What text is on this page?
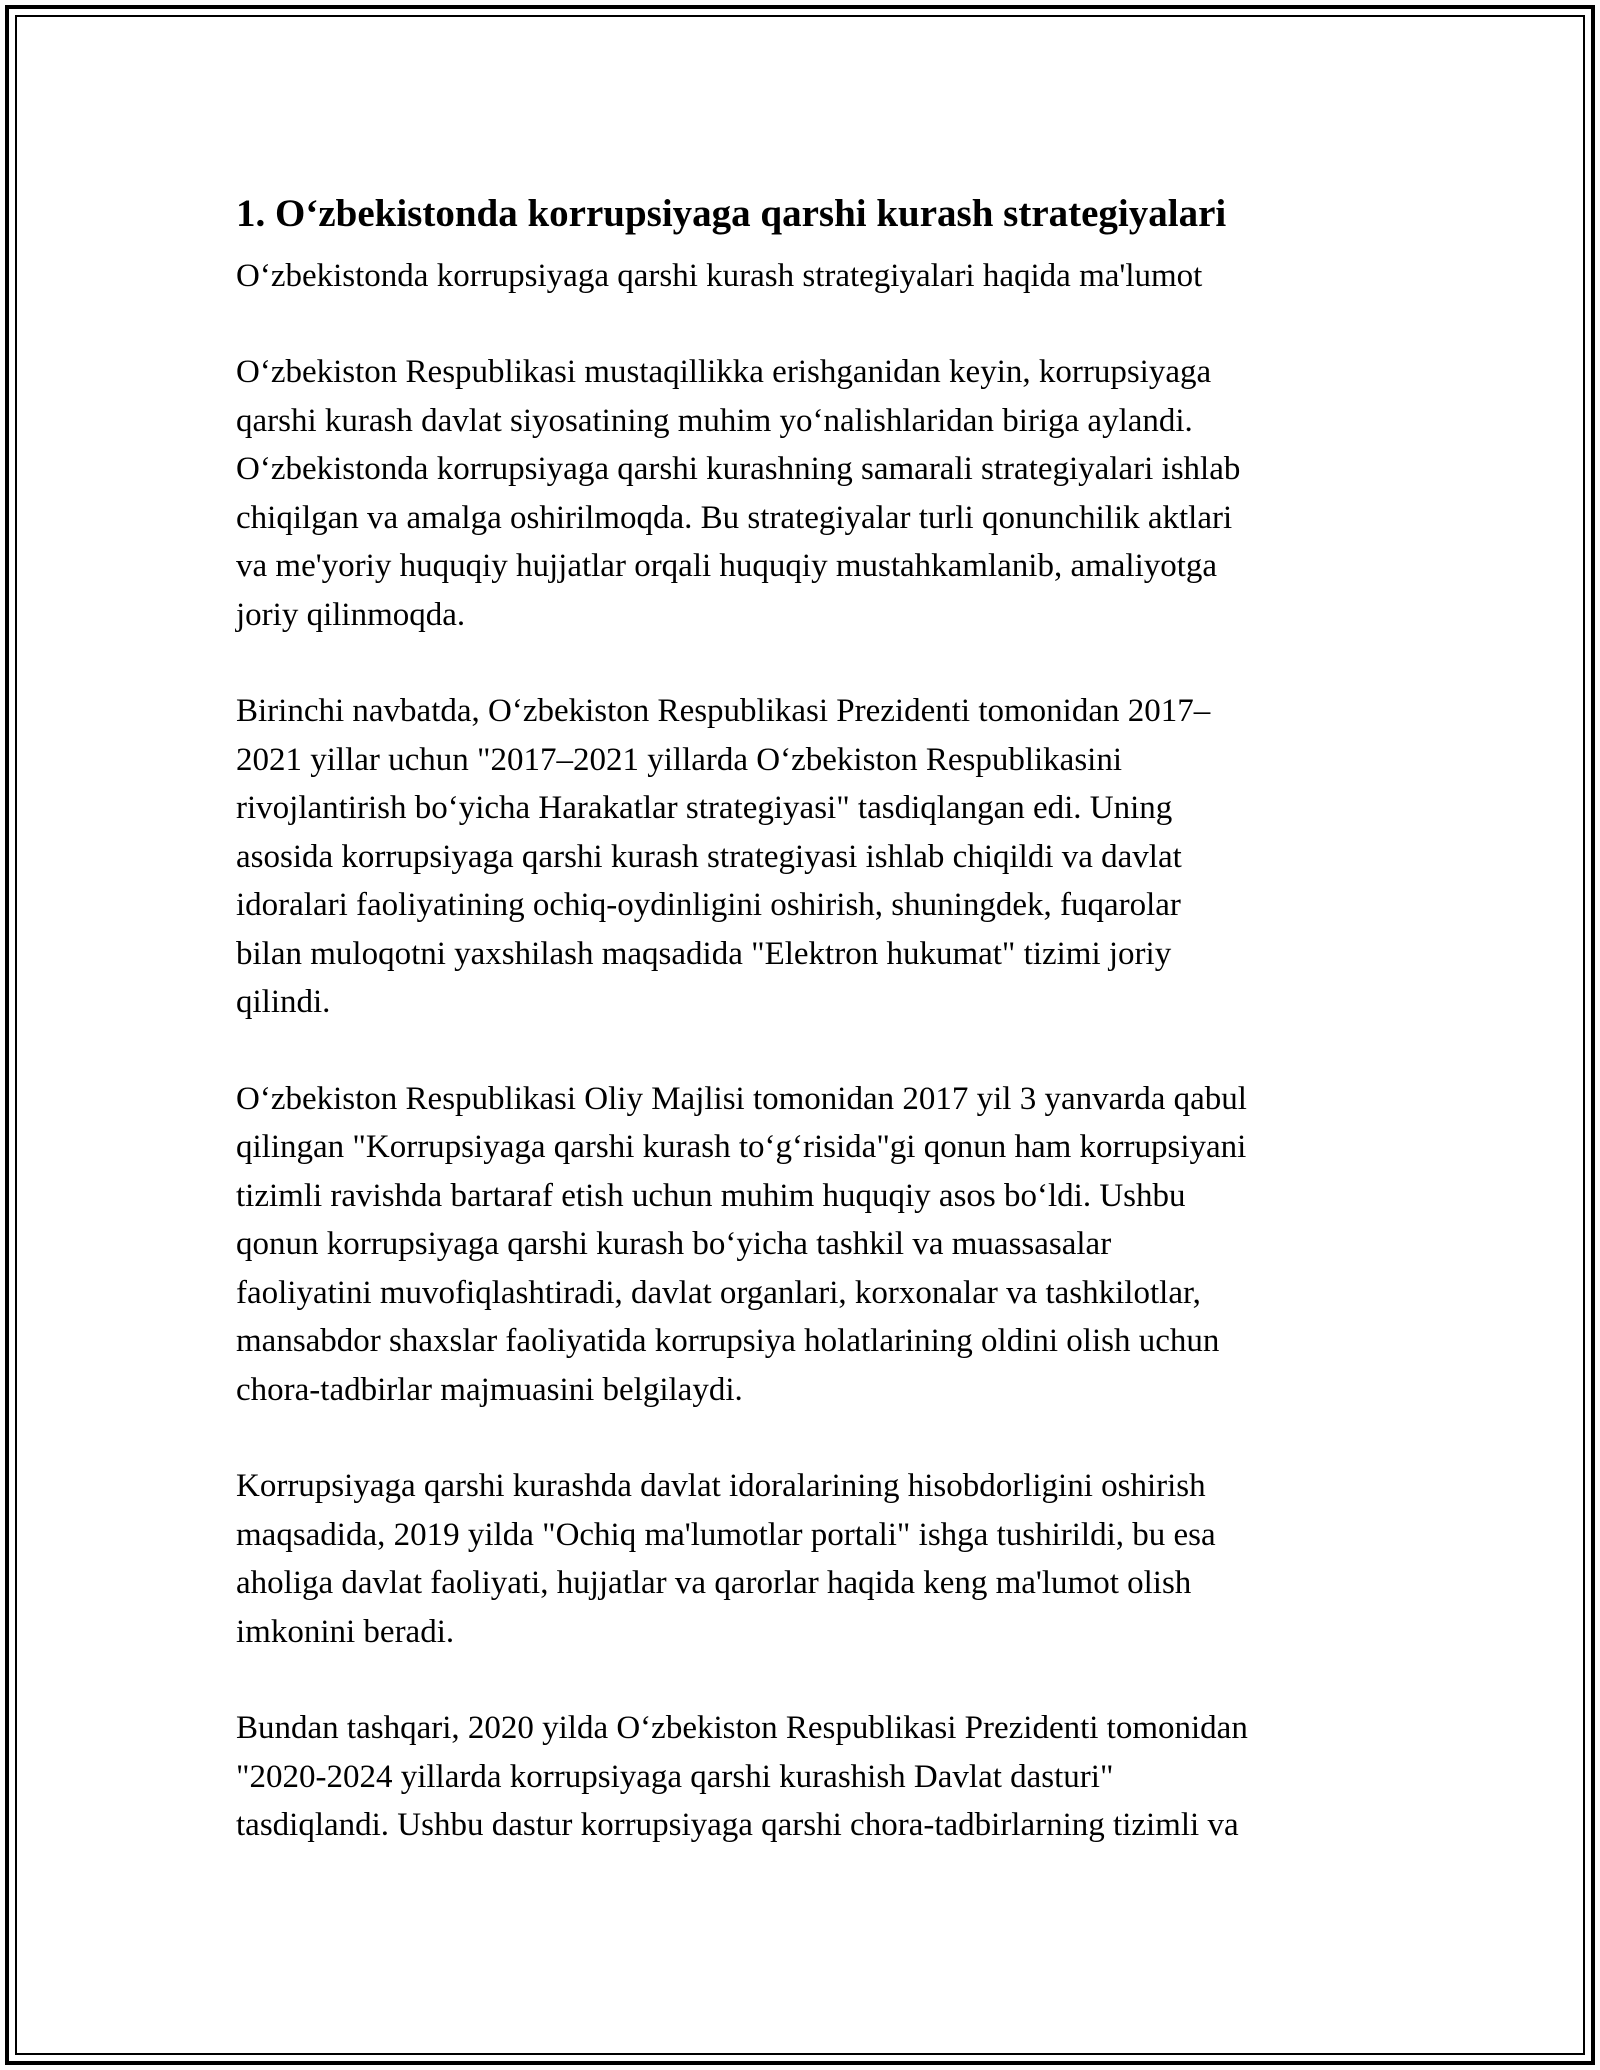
1. O‘zbekistonda korrupsiyaga qarshi kurash strategiyalari

O‘zbekistonda korrupsiyaga qarshi kurash strategiyalari haqida ma'lumot

O‘zbekiston Respublikasi mustaqillikka erishganidan keyin, korrupsiyaga
qarshi kurash davlat siyosatining muhim yo‘nalishlaridan biriga aylandi.
O‘zbekistonda korrupsiyaga qarshi kurashning samarali strategiyalari ishlab
chiqilgan va amalga oshirilmoqda. Bu strategiyalar turli qonunchilik aktlari
va me'yoriy huquqiy hujjatlar orqali huquqiy mustahkamlanib, amaliyotga
joriy qilinmoqda.

Birinchi navbatda, O‘zbekiston Respublikasi Prezidenti tomonidan 2017–
2021 yillar uchun "2017–2021 yillarda O‘zbekiston Respublikasini
rivojlantirish bo‘yicha Harakatlar strategiyasi" tasdiqlangan edi. Uning
asosida korrupsiyaga qarshi kurash strategiyasi ishlab chiqildi va davlat
idoralari faoliyatining ochiq-oydinligini oshirish, shuningdek, fuqarolar
bilan muloqotni yaxshilash maqsadida "Elektron hukumat" tizimi joriy
qilindi.

O‘zbekiston Respublikasi Oliy Majlisi tomonidan 2017 yil 3 yanvarda qabul
qilingan "Korrupsiyaga qarshi kurash to‘g‘risida"gi qonun ham korrupsiyani
tizimli ravishda bartaraf etish uchun muhim huquqiy asos bo‘ldi. Ushbu
qonun korrupsiyaga qarshi kurash bo‘yicha tashkil va muassasalar
faoliyatini muvofiqlashtiradi, davlat organlari, korxonalar va tashkilotlar,
mansabdor shaxslar faoliyatida korrupsiya holatlarining oldini olish uchun
chora-tadbirlar majmuasini belgilaydi.

Korrupsiyaga qarshi kurashda davlat idoralarining hisobdorligini oshirish
maqsadida, 2019 yilda "Ochiq ma'lumotlar portali" ishga tushirildi, bu esa
aholiga davlat faoliyati, hujjatlar va qarorlar haqida keng ma'lumot olish
imkonini beradi.

Bundan tashqari, 2020 yilda O‘zbekiston Respublikasi Prezidenti tomonidan
"2020-2024 yillarda korrupsiyaga qarshi kurashish Davlat dasturi"
tasdiqlandi. Ushbu dastur korrupsiyaga qarshi chora-tadbirlarning tizimli va
